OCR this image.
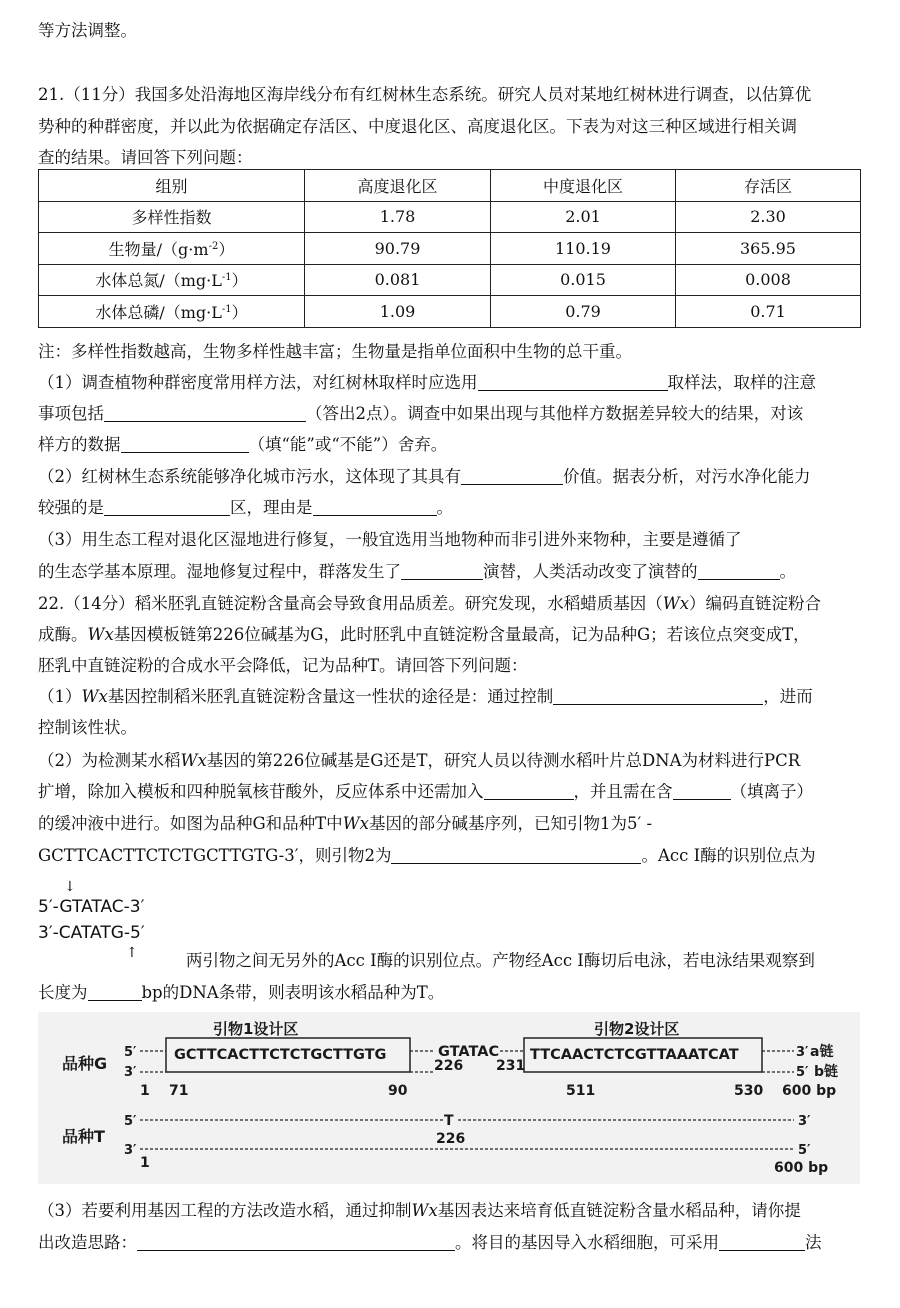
等方法调整。
21.（11分）我国多处沿海地区海岸线分布有红树林生态系统。研究人员对某地红树林进行调查，以估算优
势种的种群密度，并以此为依据确定存活区、中度退化区、高度退化区。下表为对这三种区域进行相关调
查的结果。请回答下列问题：
组别	高度退化区	中度退化区	存活区
多样性指数	1.78	2.01	2.30
生物量$/(g\cdot m^{-2})$	90.79	110.19	365.95
水体总氮$/(mg\cdot L^{-1})$	0.081	0.015	0.008
水体总磷$/(mg\cdot L^{-1})$	1.09	0.79	0.71
注：多样性指数越高，生物多样性越丰富；生物量是指单位面积中生物的总干重。
（1）调查植物种群密度常用样方法，对红树林取样时应选用	取样法，取样的注意
事项包括	（答出2点）。调查中如果出现与其他样方数据差异较大的结果，对该
样方的数据	（填“能”或“不能”）舍弃。
（2）红树林生态系统能够净化城市污水，这体现了其具有	价值。据表分析，对污水净化能力
较强的是	区，理由是	。
（3）用生态工程对退化区湿地进行修复，一般宜选用当地物种而非引进外来物种，主要是遵循了
的生态学基本原理。湿地修复过程中，群落发生了	演替，人类活动改变了演替的	。
22.（14分）稻米胚乳直链淀粉含量高会导致食用品质差。研究发现，水稻蜡质基因（Wx）编码直链淀粉合
成酶。Wx基因模板链第226位碱基为G，此时胚乳中直链淀粉含量最高，记为品种G；若该位点突变成T，
胚乳中直链淀粉的合成水平会降低，记为品种T。请回答下列问题：
（1）Wx基因控制稻米胚乳直链淀粉含量这一性状的途径是：通过控制	，进而
控制该性状。
（2）为检测某水稻Wx基因的第226位碱基是G还是T，研究人员以待测水稻叶片总DNA为材料进行PCR
扩增，除加入模板和四种脱氧核苷酸外，反应体系中还需加入	，并且需在含	（填离子）
的缓冲液中进行。如图为品种G和品种T中Wx基因的部分碱基序列，已知引物1为5′ -
GCTTCACTTCTCTGCTTGTG-3′，则引物2为	。Acc Ⅰ酶的识别位点为
↓
5′-GTATAC-3′
3′-CATATG-5′
↑	两引物之间无另外的Acc Ⅰ酶的识别位点。产物经Acc Ⅰ酶切后电泳，若电泳结果观察到
长度为	bp的DNA条带，则表明该水稻品种为T。
引物1设计区	引物2设计区
品种G
5′
3′
GCTTCACTTCTCTGCTTGTG	GTATAC TTCAACTCTCGTTAAATCAT	3′ a链
226 231	5′ b链
1 71	90	511	530 600 bp
品种T
5′	T	3′
226
3′	5′
1	600 bp
（3）若要利用基因工程的方法改造水稻，通过抑制Wx基因表达来培育低直链淀粉含量水稻品种，请你提
出改造思路：	。将目的基因导入水稻细胞，可采用	法
